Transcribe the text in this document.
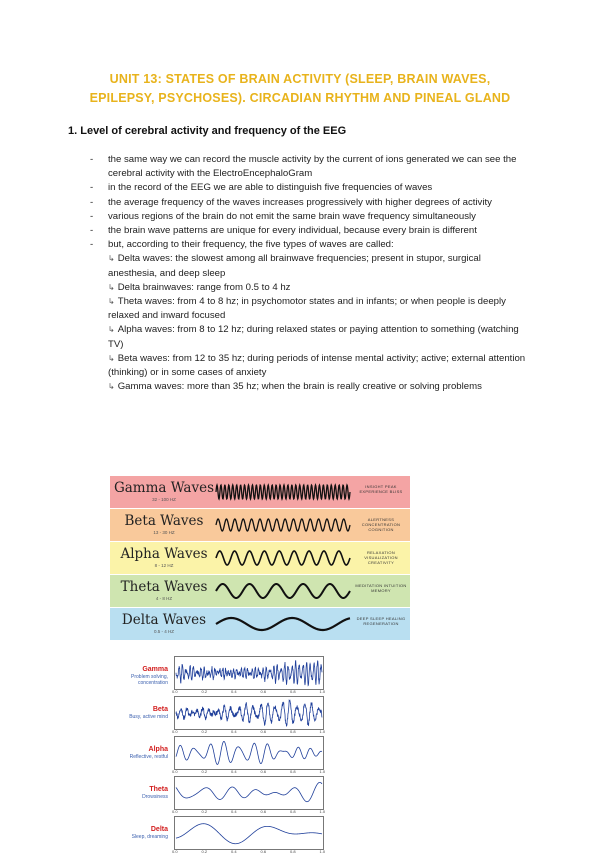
UNIT 13: STATES OF BRAIN ACTIVITY (SLEEP, BRAIN WAVES,
EPILEPSY, PSYCHOSES). CIRCADIAN RHYTHM AND PINEAL GLAND
1. Level of cerebral activity and frequency of the EEG
- the same way we can record the muscle activity by the current of ions generated we can see the cerebral activity with the ElectroEncephaloGram
- in the record of the EEG we are able to distinguish five frequencies of waves
- the average frequency of the waves increases progressively with higher degrees of activity
- various regions of the brain do not emit the same brain wave frequency simultaneously
- the brain wave patterns are unique for every individual, because every brain is different
- but, according to their frequency, the five types of waves are called:
↳ Delta waves: the slowest among all brainwave frequencies; present in stupor, surgical anesthesia, and deep sleep
↳ Delta brainwaves: range from 0.5 to 4 hz
↳ Theta waves: from 4 to 8 hz; in psychomotor states and in infants; or when people is deeply relaxed and inward focused
↳ Alpha waves: from 8 to 12 hz; during relaxed states or paying attention to something (watching TV)
↳ Beta waves: from 12 to 35 hz; during periods of intense mental activity; active; external attention (thinking) or in some cases of anxiety
↳ Gamma waves: more than 35 hz; when the brain is really creative or solving problems
Gamma Waves
32 - 100 HZ
INSIGHT PEAK EXPERIENCE BLISS
Beta Waves
13 - 30 HZ
ALERTNESS CONCENTRATION COGNITION
Alpha Waves
8 - 12 HZ
RELAXATION VISUALIZATION CREATIVITY
Theta Waves
4 - 8 HZ
MEDITATION INTUITION MEMORY
Delta Waves
0.5 - 4 HZ
DEEP SLEEP HEALING REGENERATION
Gamma
Problem solving, concentration
0.0	0.2	0.4	0.6	0.8	1.0
Beta
Busy, active mind
0.0	0.2	0.4	0.6	0.8	1.0
Alpha
Reflective, restful
0.0	0.2	0.4	0.6	0.8	1.0
Theta
Drowsiness
0.0	0.2	0.4	0.6	0.8	1.0
Delta
Sleep, dreaming
0.0	0.2	0.4	0.6	0.8	1.0
